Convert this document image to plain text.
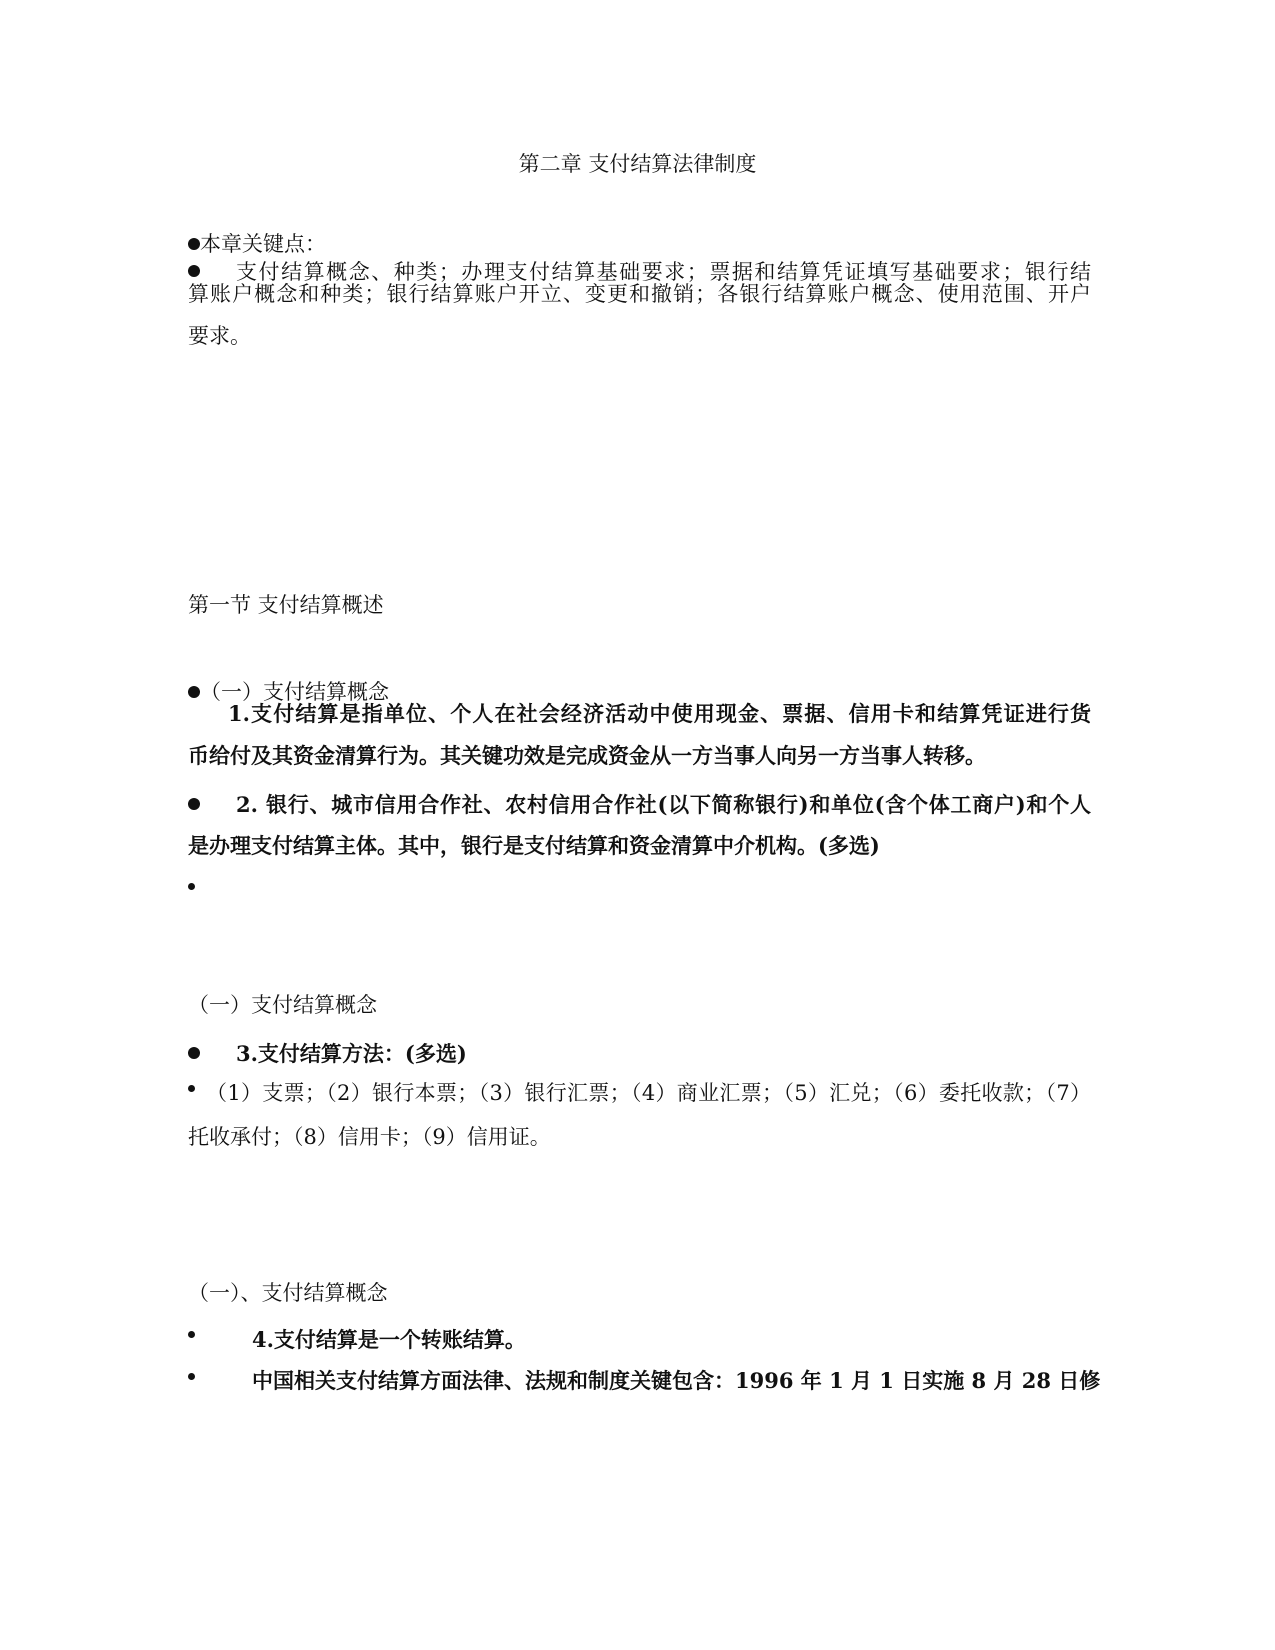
第二章 支付结算法律制度
本章关键点：
支付结算概念、种类；办理支付结算基础要求；票据和结算凭证填写基础要求；银行结
算账户概念和种类；银行结算账户开立、变更和撤销；各银行结算账户概念、使用范围、开户
要求。
第一节 支付结算概述
（一）支付结算概念
1.支付结算是指单位、个人在社会经济活动中使用现金、票据、信用卡和结算凭证进行货
币给付及其资金清算行为。其关键功效是完成资金从一方当事人向另一方当事人转移。
2. 银行、城市信用合作社、农村信用合作社(以下简称银行)和单位(含个体工商户)和个人
是办理支付结算主体。其中，银行是支付结算和资金清算中介机构。(多选)
（一）支付结算概念
3.支付结算方法：(多选)
（1）支票；（2）银行本票；（3）银行汇票；（4）商业汇票；（5）汇兑；（6）委托收款；（7）
托收承付；（8）信用卡；（9）信用证。
（一）、支付结算概念
4.支付结算是一个转账结算。
中国相关支付结算方面法律、法规和制度关键包含：1996 年 1 月 1 日实施 8 月 28 日修
